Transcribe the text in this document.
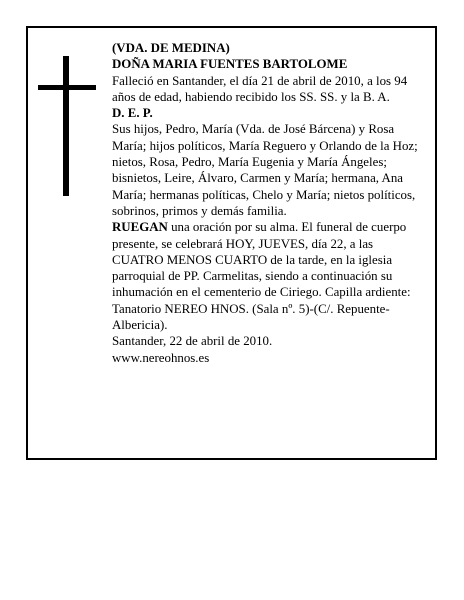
(VDA. DE MEDINA)

DOÑA MARIA FUENTES BARTOLOME

Falleció en Santander, el día 21 de abril de 2010, a los 94 años de edad, habiendo recibido los SS. SS. y la B. A.

D. E. P.

Sus hijos, Pedro, María (Vda. de José Bárcena) y Rosa María; hijos políticos, María Reguero y Orlando de la Hoz; nietos, Rosa, Pedro, María Eugenia y María Ángeles; bisnietos, Leire, Álvaro, Carmen y María; hermana, Ana María; hermanas políticas, Chelo y María; nietos políticos, sobrinos, primos y demás familia.

RUEGAN una oración por su alma. El funeral de cuerpo presente, se celebrará HOY, JUEVES, día 22, a las CUATRO MENOS CUARTO de la tarde, en la iglesia parroquial de PP. Carmelitas, siendo a continuación su inhumación en el cementerio de Ciriego. Capilla ardiente: Tanatorio NEREO HNOS. (Sala nº. 5)-(C/. Repuente-Albericia).

Santander, 22 de abril de 2010.

www.nereohnos.es
